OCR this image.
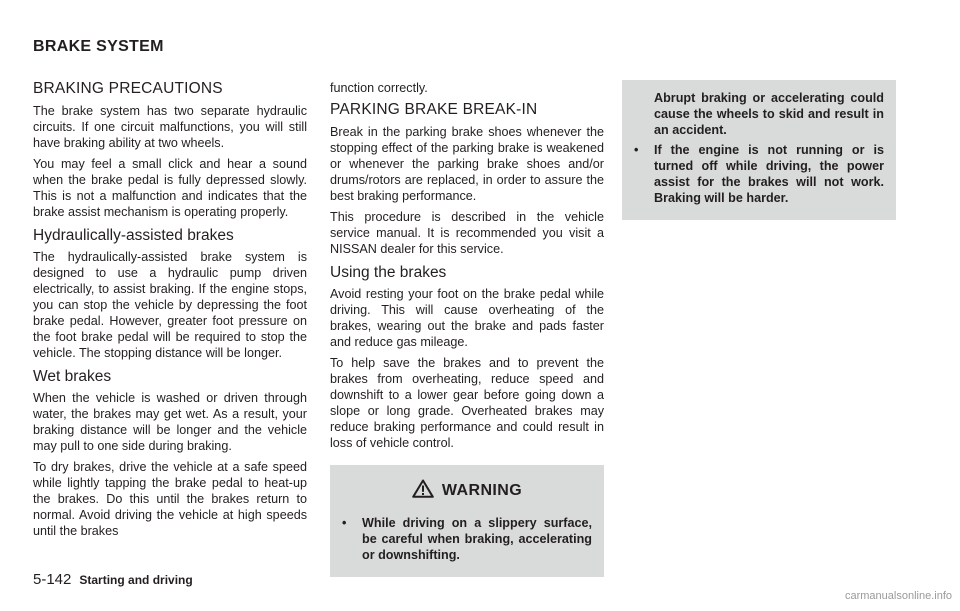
BRAKE SYSTEM
BRAKING PRECAUTIONS

The brake system has two separate hydraulic circuits. If one circuit malfunctions, you will still have braking ability at two wheels.

You may feel a small click and hear a sound when the brake pedal is fully depressed slowly. This is not a malfunction and indicates that the brake assist mechanism is operating properly.

Hydraulically-assisted brakes

The hydraulically-assisted brake system is designed to use a hydraulic pump driven electrically, to assist braking. If the engine stops, you can stop the vehicle by depressing the foot brake pedal. However, greater foot pressure on the foot brake pedal will be required to stop the vehicle. The stopping distance will be longer.

Wet brakes

When the vehicle is washed or driven through water, the brakes may get wet. As a result, your braking distance will be longer and the vehicle may pull to one side during braking.

To dry brakes, drive the vehicle at a safe speed while lightly tapping the brake pedal to heat-up the brakes. Do this until the brakes return to normal. Avoid driving the vehicle at high speeds until the brakes

function correctly.

PARKING BRAKE BREAK-IN

Break in the parking brake shoes whenever the stopping effect of the parking brake is weakened or whenever the parking brake shoes and/or drums/rotors are replaced, in order to assure the best braking performance.

This procedure is described in the vehicle service manual. It is recommended you visit a NISSAN dealer for this service.

Using the brakes

Avoid resting your foot on the brake pedal while driving. This will cause overheating of the brakes, wearing out the brake and pads faster and reduce gas mileage.

To help save the brakes and to prevent the brakes from overheating, reduce speed and downshift to a lower gear before going down a slope or long grade. Overheated brakes may reduce braking performance and could result in loss of vehicle control.

WARNING
•	While driving on a slippery surface, be careful when braking, accelerating or downshifting.

Abrupt braking or accelerating could cause the wheels to skid and result in an accident.

•	If the engine is not running or is turned off while driving, the power assist for the brakes will not work. Braking will be harder.
5-142 Starting and driving
carmanualsonline.info
